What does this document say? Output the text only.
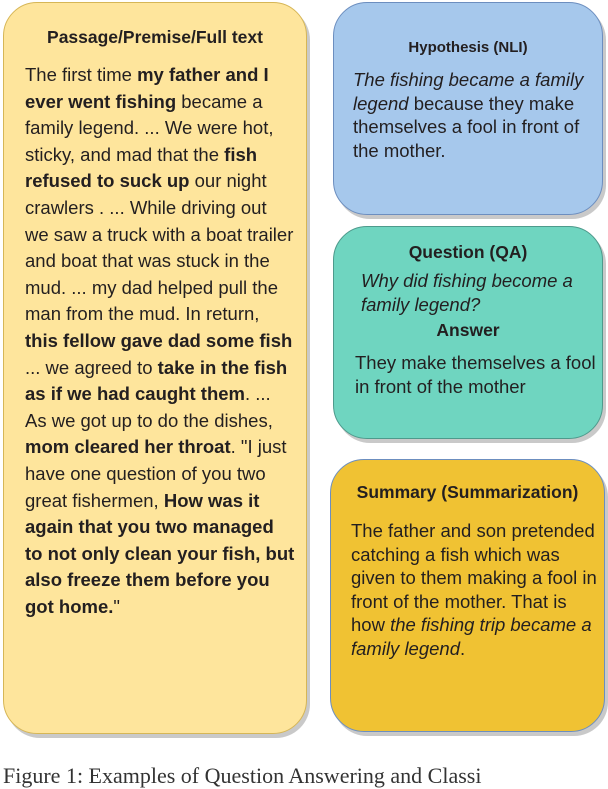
Passage/Premise/Full text
The first time my father and I ever went fishing became a family legend. ... We were hot, sticky, and mad that the fish refused to suck up our night crawlers . ... While driving out we saw a truck with a boat trailer and boat that was stuck in the mud. ... my dad helped pull the man from the mud. In return, this fellow gave dad some fish ... we agreed to take in the fish as if we had caught them. ... As we got up to do the dishes, mom cleared her throat. "I just have one question of you two great fishermen, How was it again that you two managed to not only clean your fish, but also freeze them before you got home."
Hypothesis (NLI)
The fishing became a family legend because they make themselves a fool in front of the mother.
Question (QA)
Why did fishing become a family legend?
Answer
They make themselves a fool in front of the mother
Summary (Summarization)
The father and son pretended catching a fish which was given to them making a fool in front of the mother. That is how the fishing trip became a family legend.
Figure 1: Examples of Question Answering and Classi
